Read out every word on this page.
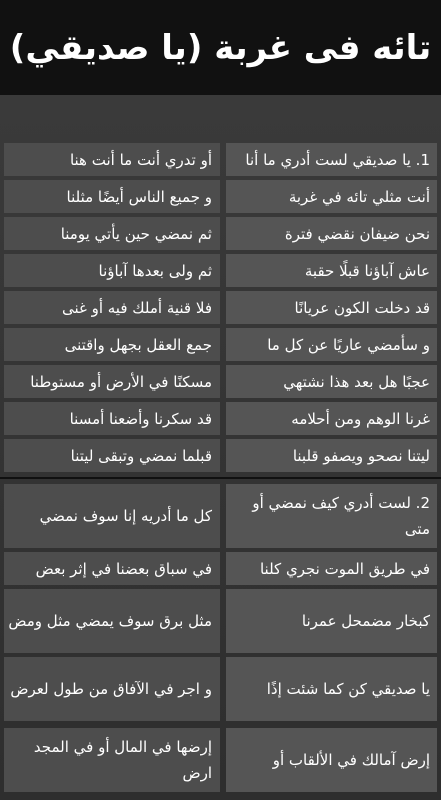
تائه فى غربة (يا صديقي)
1. يا صديقي لست أدري ما أنا
أو تدري أنت ما أنت هنا
أنت مثلي تائه في غربة
و جميع الناس أيضًا مثلنا
نحن ضيفان نقضي فترة
ثم نمضي حين يأتي يومنا
عاش آباؤنا قبلًا حقبة
ثم ولى بعدها آباؤنا
قد دخلت الكون عريانًا
فلا قنية أملك فيه أو غنى
و سأمضي عاريًا عن كل ما
جمع العقل بجهل واقتنى
عجبًا هل بعد هذا نشتهي
مسكنًا في الأرض أو مستوطنا
غرنا الوهم ومن أحلامه
قد سكرنا وأضعنا أمسنا
ليتنا نصحو ويصفو قلبنا
قبلما نمضي وتبقى ليتنا
2. لست أدري كيف نمضي أو متى
كل ما أدريه إنا سوف نمضي
في طريق الموت نجري كلنا
في سباق بعضنا في إثر بعض
كبخار مضمحل عمرنا
مثل برق سوف يمضي مثل ومض
يا صديقي كن كما شئت إذًا
و اجر في الآفاق من طول لعرض
إرض آمالك في الألقاب أو
إرضها في المال أو في المجد ارض
